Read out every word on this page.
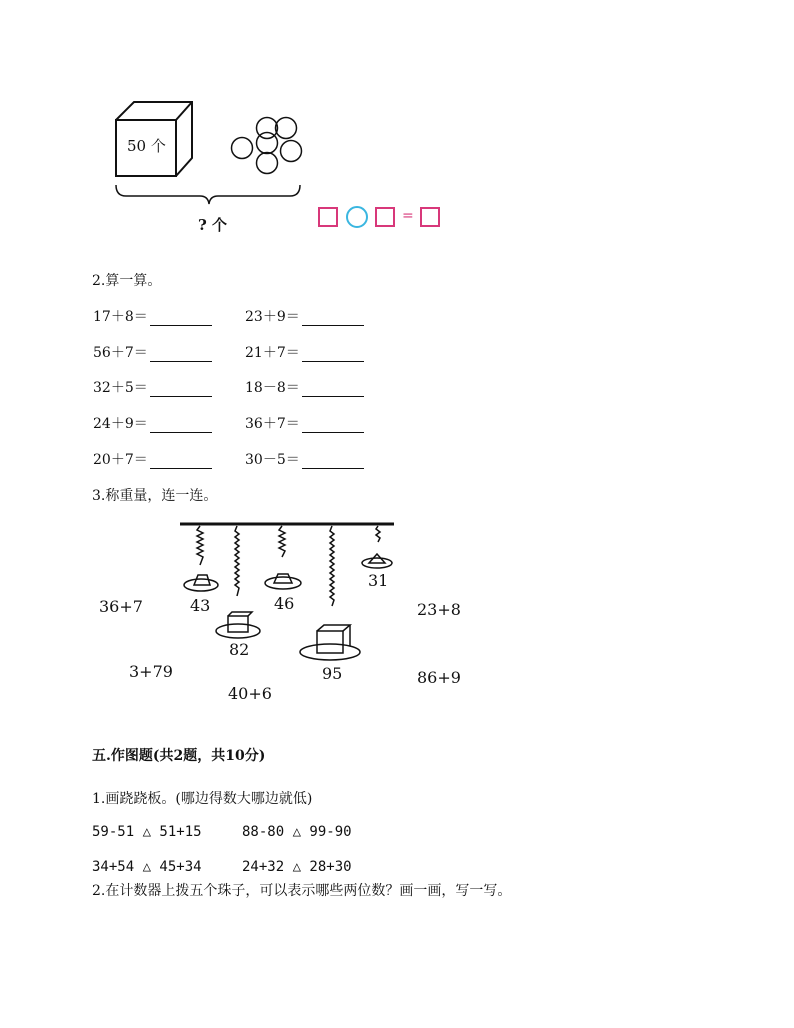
50 个
? 个	=
2.算一算。
17＋8＝	23＋9＝
56＋7＝	21＋7＝
32＋5＝	18－8＝
24＋9＝	36＋7＝
20＋7＝	30－5＝
3.称重量，连一连。
43
82
46
95
31
36+7
3+79
40+6
23+8
86+9
五.作图题(共2题，共10分)
1.画跷跷板。(哪边得数大哪边就低)
59-51 △ 51+15	88-80 △ 99-90
34+54 △ 45+34	24+32 △ 28+30
2.在计数器上拨五个珠子，可以表示哪些两位数？画一画，写一写。
